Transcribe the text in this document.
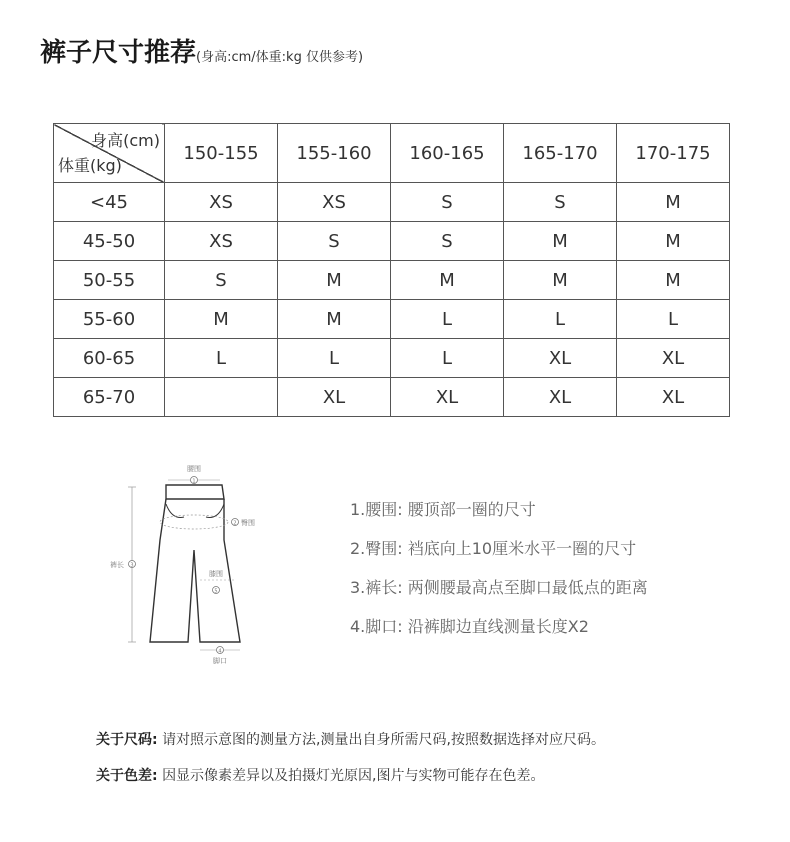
裤子尺寸推荐(身高:cm/体重:kg 仅供参考)
身高(cm)
体重(kg)	150-155	155-160	160-165	165-170	170-175
<45	XS	XS	S	S	M
45-50	XS	S	S	M	M
50-55	S	M	M	M	M
55-60	M	M	L	L	L
60-65	L	L	L	XL	XL
65-70		XL	XL	XL	XL
腰围
1
2 臀围
3
裤长
膝围
5
4
脚口
1.腰围: 腰顶部一圈的尺寸
2.臀围: 裆底向上10厘米水平一圈的尺寸
3.裤长: 两侧腰最高点至脚口最低点的距离
4.脚口: 沿裤脚边直线测量长度X2
关于尺码: 请对照示意图的测量方法,测量出自身所需尺码,按照数据选择对应尺码。
关于色差: 因显示像素差异以及拍摄灯光原因,图片与实物可能存在色差。
